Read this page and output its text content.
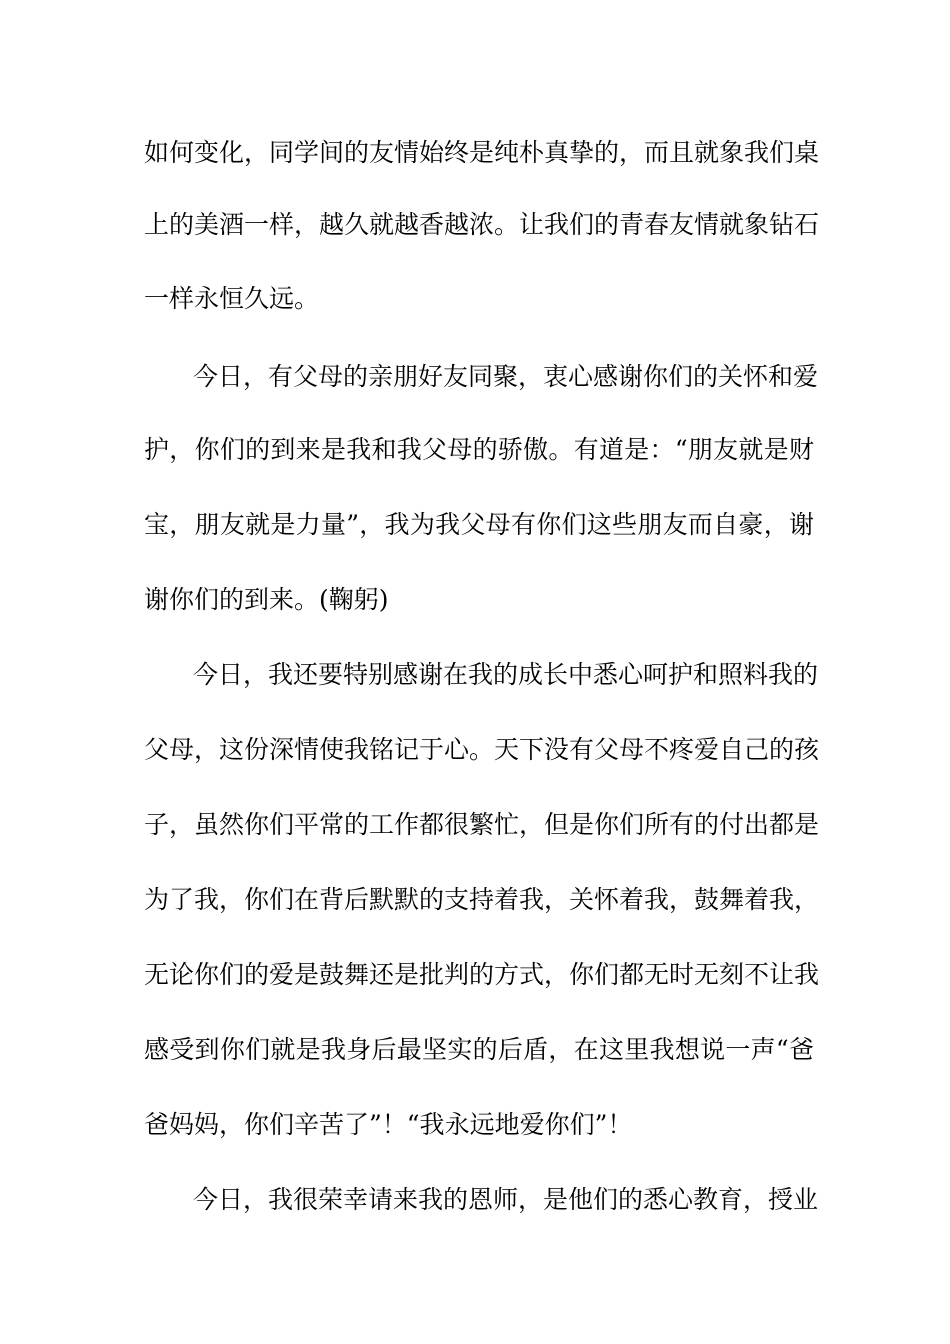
如何变化，同学间的友情始终是纯朴真挚的，而且就象我们桌
上的美酒一样，越久就越香越浓。让我们的青春友情就象钻石
一样永恒久远。
今日，有父母的亲朋好友同聚，衷心感谢你们的关怀和爱
护，你们的到来是我和我父母的骄傲。有道是：“朋友就是财
宝，朋友就是力量”，我为我父母有你们这些朋友而自豪，谢
谢你们的到来。(鞠躬)
今日，我还要特别感谢在我的成长中悉心呵护和照料我的
父母，这份深情使我铭记于心。天下没有父母不疼爱自己的孩
子，虽然你们平常的工作都很繁忙，但是你们所有的付出都是
为了我，你们在背后默默的支持着我，关怀着我，鼓舞着我，
无论你们的爱是鼓舞还是批判的方式，你们都无时无刻不让我
感受到你们就是我身后最坚实的后盾，在这里我想说一声“爸
爸妈妈，你们辛苦了”！“我永远地爱你们”！
今日，我很荣幸请来我的恩师，是他们的悉心教育，授业
